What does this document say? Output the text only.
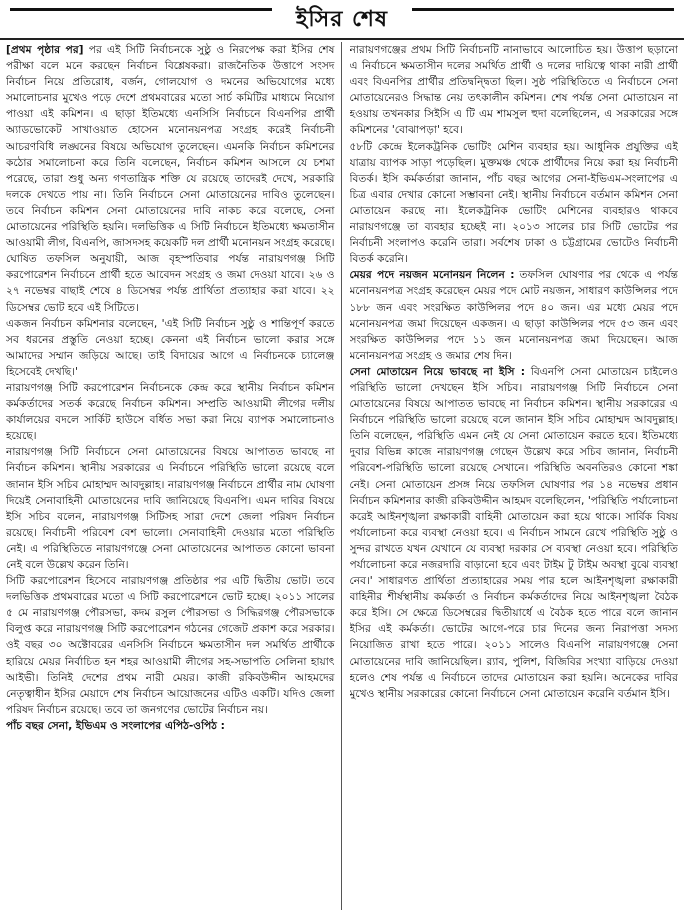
ইসির শেষ

[প্রথম পৃষ্ঠার পর] পর এই সিটি নির্বাচনকে সুষ্ঠু ও নিরপেক্ষ করা ইসির শেষ পরীক্ষা বলে মনে করছেন নির্বাচন বিশ্লেষকরা। রাজনৈতিক উত্তাপে সংসদ নির্বাচন নিয়ে প্রতিরোধ, বর্জন, গোলযোগ ও দমনের অভিযোগের মধ্যে সমালোচনার মুখেও পড়ে দেশে প্রথমবারের মতো সার্চ কমিটির মাধ্যমে নিয়োগ পাওয়া এই কমিশন। এ ছাড়া ইতিমধ্যে এনসিসি নির্বাচনে বিএনপির প্রার্থী অ্যাডভোকেট সাখাওয়াত হোসেন মনোনয়নপত্র সংগ্রহ করেই নির্বাচনী আচরণবিধি লঙ্ঘনের বিষয়ে অভিযোগ তুলেছেন। এমনকি নির্বাচন কমিশনের কঠোর সমালোচনা করে তিনি বলেছেন, নির্বাচন কমিশন আসলে যে চশমা পরেছে, তারা শুধু অন্য গণতান্ত্রিক শক্তি যে রয়েছে তাদেরই দেখে, সরকারি দলকে দেখতে পায় না। তিনি নির্বাচনে সেনা মোতায়েনের দাবিও তুলেছেন। তবে নির্বাচন কমিশন সেনা মোতায়েনের দাবি নাকচ করে বলেছে, সেনা মোতায়েনের পরিস্থিতি হয়নি। দলভিত্তিক এ সিটি নির্বাচনে ইতিমধ্যে ক্ষমতাসীন আওয়ামী লীগ, বিএনপি, জাসদসহ কয়েকটি দল প্রার্থী মনোনয়ন সংগ্রহ করেছে। ঘোষিত তফসিল অনুযায়ী, আজ বৃহস্পতিবার পর্যন্ত নারায়ণগঞ্জ সিটি করপোরেশন নির্বাচনে প্রার্থী হতে আবেদন সংগ্রহ ও জমা দেওয়া যাবে। ২৬ ও ২৭ নভেম্বর বাছাই শেষে ৪ ডিসেম্বর পর্যন্ত প্রার্থিতা প্রত্যাহার করা যাবে। ২২ ডিসেম্বর ভোট হবে এই সিটিতে।

একজন নির্বাচন কমিশনার বলেছেন, 'এই সিটি নির্বাচন সুষ্ঠু ও শান্তিপূর্ণ করতে সব ধরনের প্রস্তুতি নেওয়া হচ্ছে। কেননা এই নির্বাচন ভালো করার সঙ্গে আমাদের সম্মান জড়িয়ে আছে। তাই বিদায়ের আগে এ নির্বাচনকে চ্যালেঞ্জ হিসেবেই দেখছি।'

নারায়ণগঞ্জ সিটি করপোরেশন নির্বাচনকে কেন্দ্র করে স্থানীয় নির্বাচন কমিশন কর্মকর্তাদের সতর্ক করেছে নির্বাচন কমিশন। সম্প্রতি আওয়ামী লীগের দলীয় কার্যালয়ের বদলে সার্কিট হাউসে বর্ধিত সভা করা নিয়ে ব্যাপক সমালোচনাও হয়েছে।

নারায়ণগঞ্জ সিটি নির্বাচনে সেনা মোতায়েনের বিষয়ে আপাতত ভাবছে না নির্বাচন কমিশন। স্থানীয় সরকারের এ নির্বাচনে পরিস্থিতি ভালো রয়েছে বলে জানান ইসি সচিব মোহাম্মদ আবদুল্লাহ। নারায়ণগঞ্জ নির্বাচনে প্রার্থীর নাম ঘোষণা দিয়েই সেনাবাহিনী মোতায়েনের দাবি জানিয়েছে বিএনপি। এমন দাবির বিষয়ে ইসি সচিব বলেন, নারায়ণগঞ্জ সিটিসহ সারা দেশে জেলা পরিষদ নির্বাচন রয়েছে। নির্বাচনী পরিবেশ বেশ ভালো। সেনাবাহিনী দেওয়ার মতো পরিস্থিতি নেই। এ পরিস্থিতিতে নারায়ণগঞ্জে সেনা মোতায়েনের আপাতত কোনো ভাবনা নেই বলে উল্লেখ করেন তিনি।

সিটি করপোরেশন হিসেবে নারায়ণগঞ্জ প্রতিষ্ঠার পর এটি দ্বিতীয় ভোট। তবে দলভিত্তিক প্রথমবারের মতো এ সিটি করপোরেশনে ভোট হচ্ছে। ২০১১ সালের ৫ মে নারায়ণগঞ্জ পৌরসভা, কদম রসুল পৌরসভা ও সিদ্ধিরগঞ্জ পৌরসভাকে বিলুপ্ত করে নারায়ণগঞ্জ সিটি করপোরেশন গঠনের গেজেট প্রকাশ করে সরকার। ওই বছর ৩০ অক্টোবরের এনসিসি নির্বাচনে ক্ষমতাসীন দল সমর্থিত প্রার্থীকে হারিয়ে মেয়র নির্বাচিত হন শহর আওয়ামী লীগের সহ-সভাপতি সেলিনা হায়াৎ আইভী। তিনিই দেশের প্রথম নারী মেয়র। কাজী রকিবউদ্দীন আহমদের নেতৃত্বাধীন ইসির মেয়াদে শেষ নির্বাচন আয়োজনের এটিও একটি। যদিও জেলা পরিষদ নির্বাচন রয়েছে। তবে তা জনগণের ভোটের নির্বাচন নয়।

পাঁচ বছর সেনা, ইভিএম ও সংলাপের এপিঠ-ওপিঠ :

নারায়ণগঞ্জের প্রথম সিটি নির্বাচনটি নানাভাবে আলোচিত হয়। উত্তাপ ছড়ানো এ নির্বাচনে ক্ষমতাসীন দলের সমর্থিত প্রার্থী ও দলের দায়িত্বে থাকা নারী প্রার্থী এবং বিএনপির প্রার্থীর প্রতিদ্বন্দ্বিতা ছিল। সুষ্ঠ পরিস্থিতিতে এ নির্বাচনে সেনা মোতায়েনেরও সিদ্ধান্ত নেয় তৎকালীন কমিশন। শেষ পর্যন্ত সেনা মোতায়েন না হওয়ায় তখনকার সিইসি এ টি এম শামসুল হুদা বলেছিলেন, এ সরকারের সঙ্গে কমিশনের 'বোঝাপড়া' হবে।

৫৮টি কেন্দ্রে ইলেকট্রনিক ভোটিং মেশিন ব্যবহার হয়। আধুনিক প্রযুক্তির এই যাত্রায় ব্যাপক সাড়া পড়েছিল। মুক্তমঞ্চ থেকে প্রার্থীদের নিয়ে করা হয় নির্বাচনী বিতর্ক। ইসি কর্মকর্তারা জানান, পাঁচ বছর আগের সেনা-ইভিএম-সংলাপের এ চিত্র এবার দেখার কোনো সম্ভাবনা নেই। স্থানীয় নির্বাচনে বর্তমান কমিশন সেনা মোতায়েন করছে না। ইলেকট্রনিক ভোটিং মেশিনের ব্যবহারও থাকবে নারায়ণগঞ্জে তা ব্যবহার হচ্ছেই না। ২০১৩ সালের চার সিটি ভোটের পর নির্বাচনী সংলাপও করেনি তারা। সর্বশেষ ঢাকা ও চট্টগ্রামের ভোটেও নির্বাচনী বিতর্ক করেনি।

মেয়র পদে নয়জন মনোনয়ন নিলেন : তফসিল ঘোষণার পর থেকে এ পর্যন্ত মনোনয়নপত্র সংগ্রহ করেছেন মেয়র পদে মোট নয়জন, সাধারণ কাউন্সিলর পদে ১৮৮ জন এবং সংরক্ষিত কাউন্সিলর পদে ৪০ জন। এর মধ্যে মেয়র পদে মনোনয়নপত্র জমা দিয়েছেন একজন। এ ছাড়া কাউন্সিলর পদে ৫৩ জন এবং সংরক্ষিত কাউন্সিলর পদে ১১ জন মনোনয়নপত্র জমা দিয়েছেন। আজ মনোনয়নপত্র সংগ্রহ ও জমার শেষ দিন।

সেনা মোতায়েন নিয়ে ভাবছে না ইসি : বিএনপি সেনা মোতায়েন চাইলেও পরিস্থিতি ভালো দেখছেন ইসি সচিব। নারায়ণগঞ্জ সিটি নির্বাচনে সেনা মোতায়েনের বিষয়ে আপাতত ভাবছে না নির্বাচন কমিশন। স্থানীয় সরকারের এ নির্বাচনে পরিস্থিতি ভালো রয়েছে বলে জানান ইসি সচিব মোহাম্মদ আবদুল্লাহ। তিনি বলেছেন, পরিস্থিতি এমন নেই যে সেনা মোতায়েন করতে হবে। ইতিমধ্যে দুবার বিভিন্ন কাজে নারায়ণগঞ্জ গেছেন উল্লেখ করে সচিব জানান, নির্বাচনী পরিবেশ-পরিস্থিতি ভালো রয়েছে সেখানে। পরিস্থিতি অবনতিরও কোনো শঙ্কা নেই। সেনা মোতায়েন প্রসঙ্গ নিয়ে তফসিল ঘোষণার পর ১৪ নভেম্বর প্রধান নির্বাচন কমিশনার কাজী রকিবউদ্দীন আহমদ বলেছিলেন, 'পরিস্থিতি পর্যালোচনা করেই আইনশৃঙ্খলা রক্ষাকারী বাহিনী মোতায়েন করা হয়ে থাকে। সার্বিক বিষয় পর্যালোচনা করে ব্যবস্থা নেওয়া হবে। এ নির্বাচন সামনে রেখে পরিস্থিতি সুষ্ঠু ও সুন্দর রাখতে যখন যেখানে যে ব্যবস্থা দরকার সে ব্যবস্থা নেওয়া হবে। পরিস্থিতি পর্যালোচনা করে নজরদারি বাড়ানো হবে এবং টাইম টু টাইম অবস্থা বুঝে ব্যবস্থা নেব।' সাধারণত প্রার্থিতা প্রত্যাহারের সময় পার হলে আইনশৃঙ্খলা রক্ষাকারী বাহিনীর শীর্ষস্থানীয় কর্মকর্তা ও নির্বাচন কর্মকর্তাদের নিয়ে আইনশৃঙ্খলা বৈঠক করে ইসি। সে ক্ষেত্রে ডিসেম্বরের দ্বিতীয়ার্ধে এ বৈঠক হতে পারে বলে জানান ইসির এই কর্মকর্তা। ভোটের আগে-পরে চার দিনের জন্য নিরাপত্তা সদস্য নিয়োজিত রাখা হতে পারে। ২০১১ সালেও বিএনপি নারায়ণগঞ্জে সেনা মোতায়েনের দাবি জানিয়েছিল। র‍্যাব, পুলিশ, বিজিবির সংখ্যা বাড়িয়ে দেওয়া হলেও শেষ পর্যন্ত এ নির্বাচনে তাদের মোতায়েন করা হয়নি। অনেকের দাবির মুখেও স্থানীয় সরকারের কোনো নির্বাচনে সেনা মোতায়েন করেনি বর্তমান ইসি।
